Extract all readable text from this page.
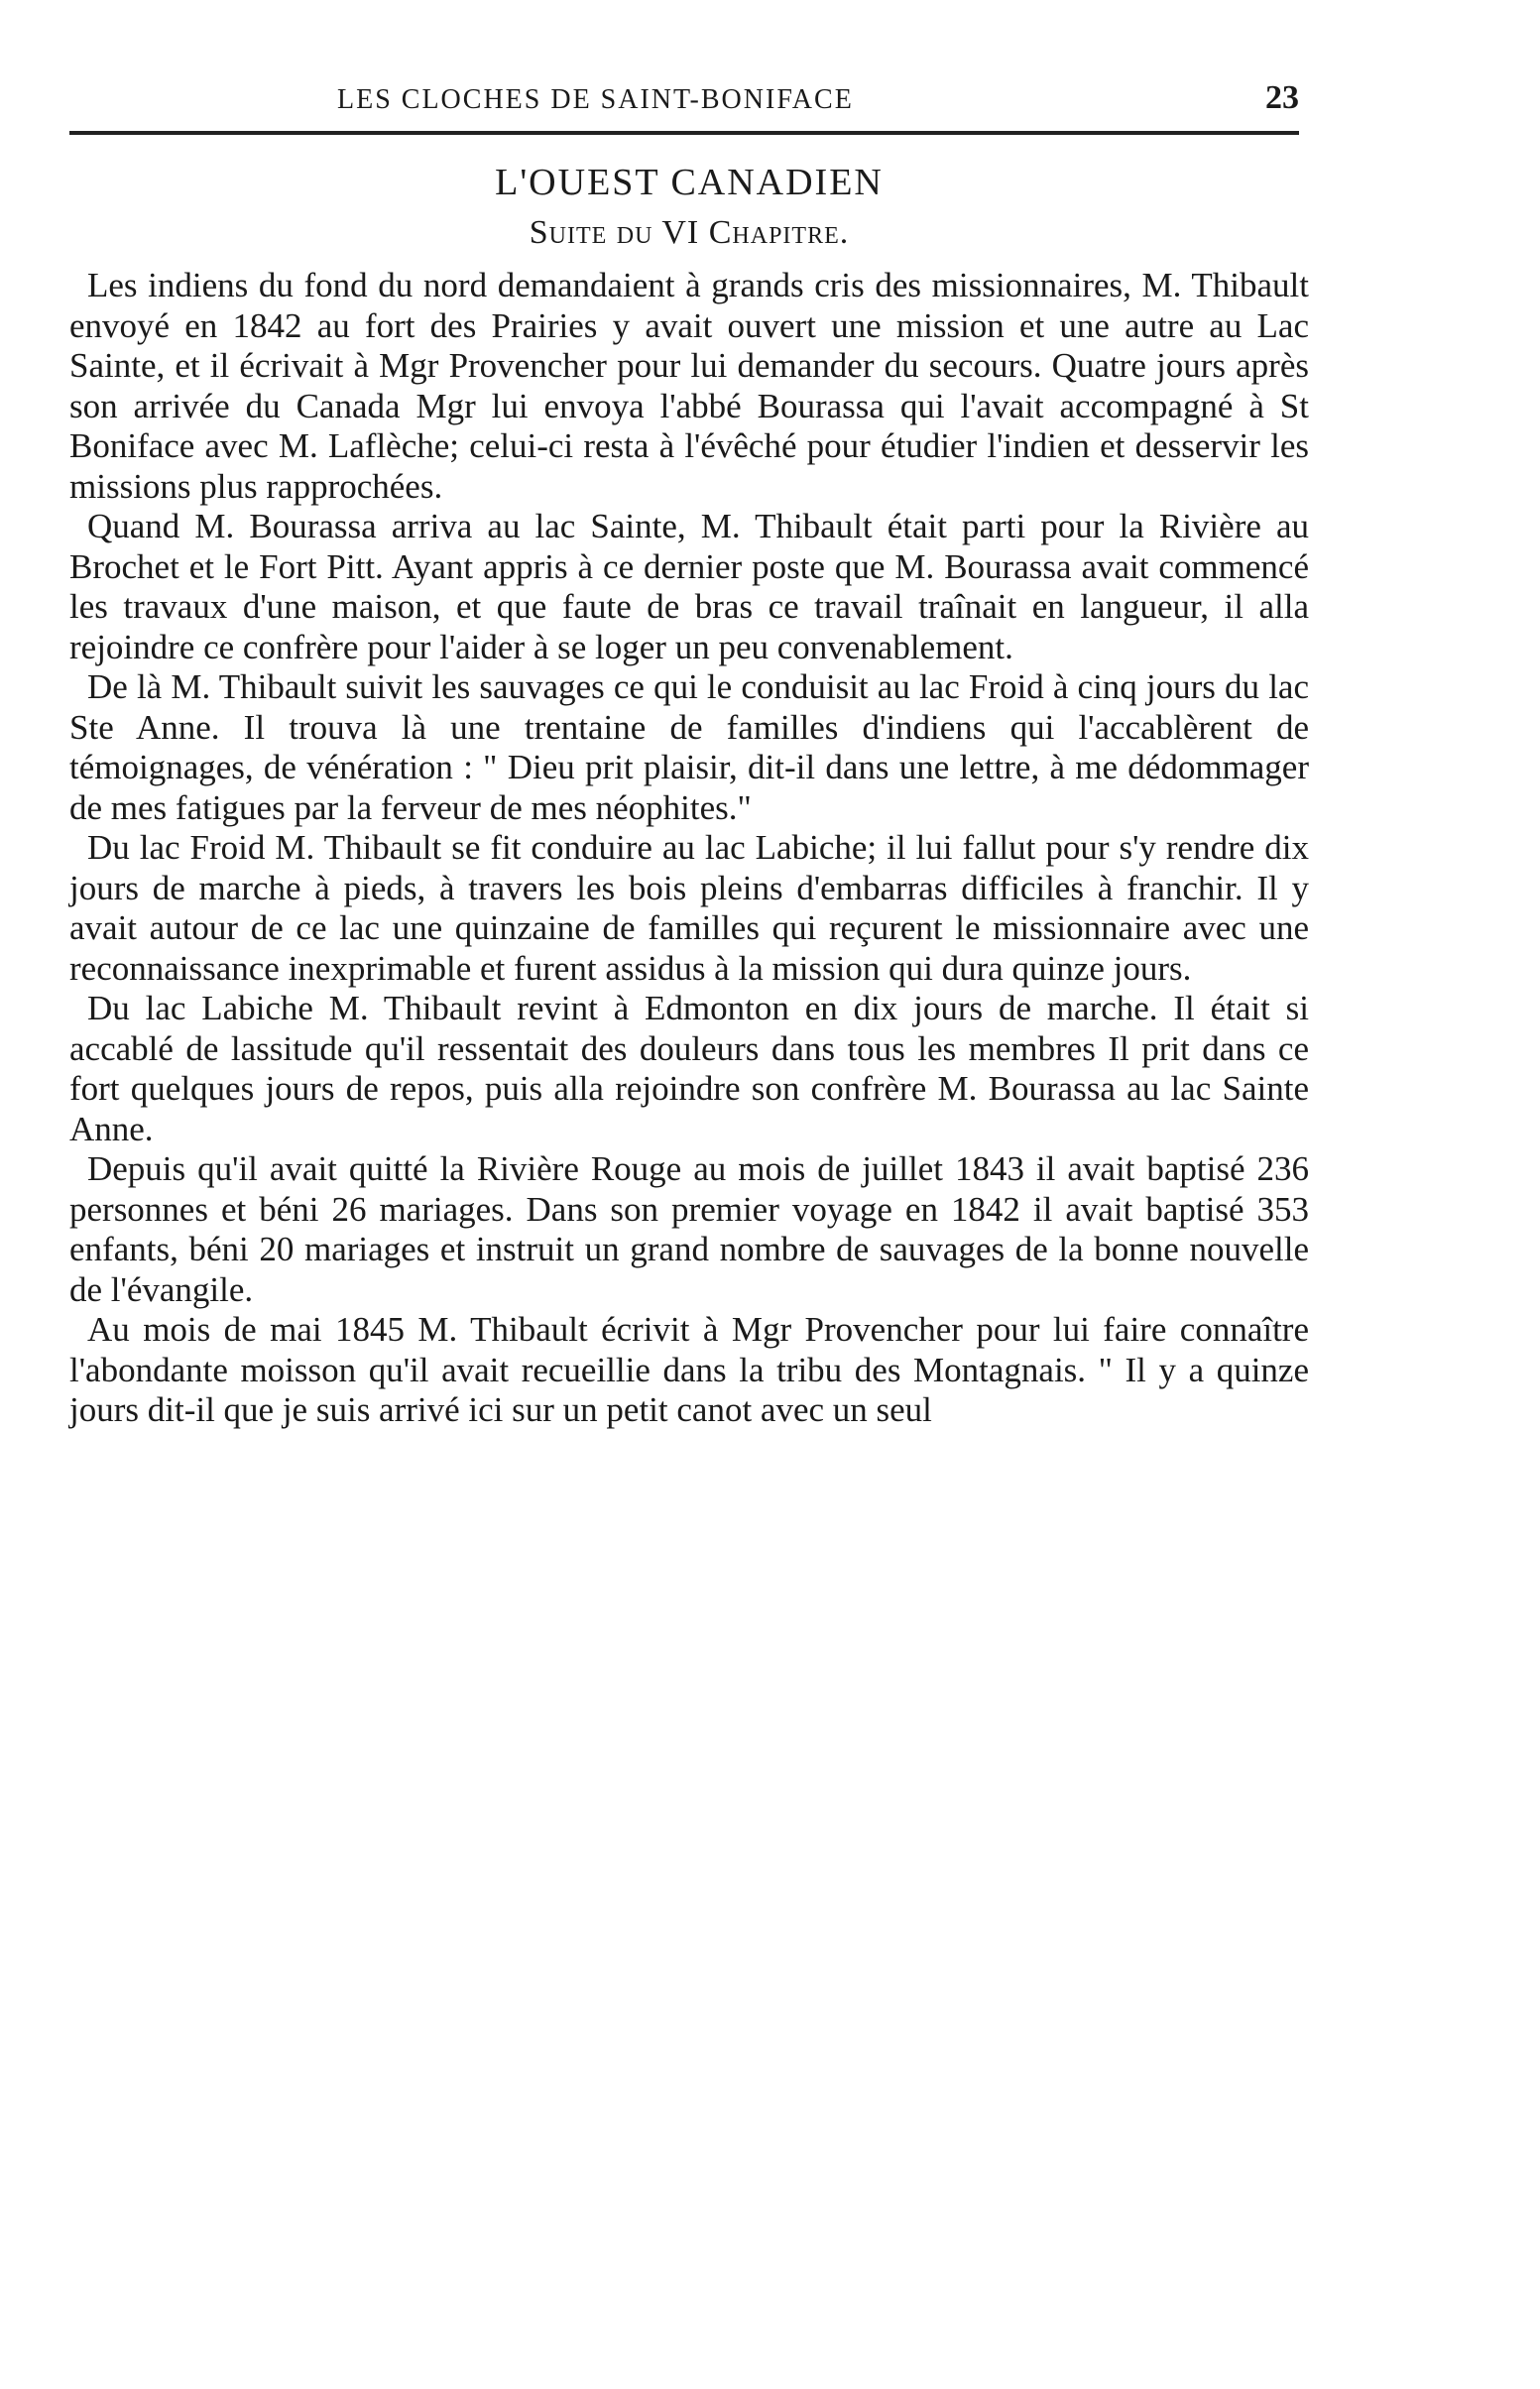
LES CLOCHES DE SAINT-BONIFACE	23
L'OUEST CANADIEN
Suite du VI Chapitre.

Les indiens du fond du nord demandaient à grands cris des missionnaires, M. Thibault envoyé en 1842 au fort des Prairies y avait ouvert une mission et une autre au Lac Sainte, et il écrivait à Mgr Provencher pour lui demander du secours. Quatre jours après son arrivée du Canada Mgr lui envoya l'abbé Bourassa qui l'avait accompagné à St Boniface avec M. Laflèche; celui-ci resta à l'évêché pour étudier l'indien et desservir les missions plus rapprochées.

Quand M. Bourassa arriva au lac Sainte, M. Thibault était parti pour la Rivière au Brochet et le Fort Pitt. Ayant appris à ce dernier poste que M. Bourassa avait commencé les travaux d'une maison, et que faute de bras ce travail traînait en langueur, il alla rejoindre ce confrère pour l'aider à se loger un peu convenablement.

De là M. Thibault suivit les sauvages ce qui le conduisit au lac Froid à cinq jours du lac Ste Anne. Il trouva là une trentaine de familles d'indiens qui l'accablèrent de témoignages, de vénération : " Dieu prit plaisir, dit-il dans une lettre, à me dédommager de mes fatigues par la ferveur de mes néophites."

Du lac Froid M. Thibault se fit conduire au lac Labiche; il lui fallut pour s'y rendre dix jours de marche à pieds, à travers les bois pleins d'embarras difficiles à franchir. Il y avait autour de ce lac une quinzaine de familles qui reçurent le missionnaire avec une reconnaissance inexprimable et furent assidus à la mission qui dura quinze jours.

Du lac Labiche M. Thibault revint à Edmonton en dix jours de marche. Il était si accablé de lassitude qu'il ressentait des douleurs dans tous les membres Il prit dans ce fort quelques jours de repos, puis alla rejoindre son confrère M. Bourassa au lac Sainte Anne.

Depuis qu'il avait quitté la Rivière Rouge au mois de juillet 1843 il avait baptisé 236 personnes et béni 26 mariages. Dans son premier voyage en 1842 il avait baptisé 353 enfants, béni 20 mariages et instruit un grand nombre de sauvages de la bonne nouvelle de l'évangile.

Au mois de mai 1845 M. Thibault écrivit à Mgr Provencher pour lui faire connaître l'abondante moisson qu'il avait recueillie dans la tribu des Montagnais. " Il y a quinze jours dit-il que je suis arrivé ici sur un petit canot avec un seul
